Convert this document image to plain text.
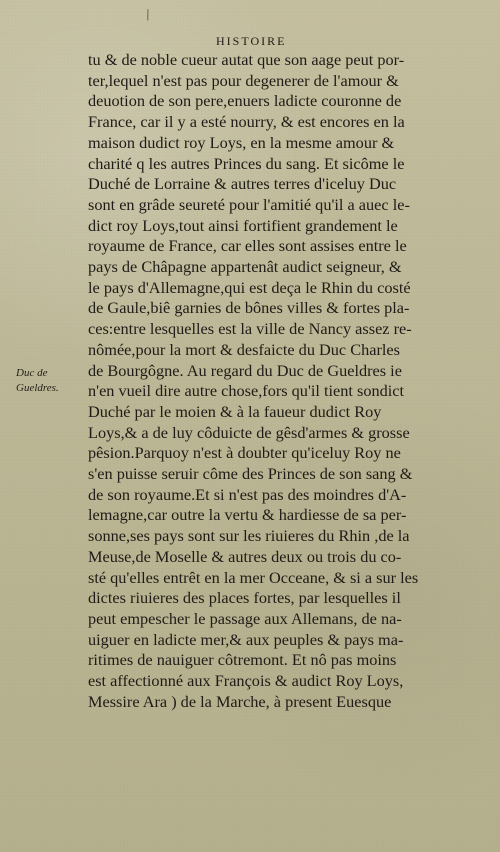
/
HISTOIRE
Duc de
Gueldres.
tu & de noble cueur autat que son aage peut por-
ter,lequel n'est pas pour degenerer de l'amour &
deuotion de son pere,enuers ladicte couronne de
France, car il y a esté nourry, & est encores en la
maison dudict roy Loys, en la mesme amour &
charité q les autres Princes du sang. Et sicôme le
Duché de Lorraine & autres terres d'iceluy Duc
sont en grâde seureté pour l'amitié qu'il a auec le-
dict roy Loys,tout ainsi fortifient grandement le
royaume de France, car elles sont assises entre le
pays de Châpagne appartenât audict seigneur, &
le pays d'Allemagne,qui est deça le Rhin du costé
de Gaule,biê garnies de bônes villes & fortes pla-
ces:entre lesquelles est la ville de Nancy assez re-
nômée,pour la mort & desfaicte du Duc Charles
de Bourgôgne. Au regard du Duc de Gueldres ie
n'en vueil dire autre chose,fors qu'il tient sondict
Duché par le moien & à la faueur dudict Roy
Loys,& a de luy côduicte de gêsd'armes & grosse
pêsion.Parquoy n'est à doubter qu'iceluy Roy ne
s'en puisse seruir côme des Princes de son sang &
de son royaume.Et si n'est pas des moindres d'A-
lemagne,car outre la vertu & hardiesse de sa per-
sonne,ses pays sont sur les riuieres du Rhin ,de la
Meuse,de Moselle & autres deux ou trois du co-
sté qu'elles entrêt en la mer Occeane, & si a sur les
dictes riuieres des places fortes, par lesquelles il
peut empescher le passage aux Allemans, de na-
uiguer en ladicte mer,& aux peuples & pays ma-
ritimes de nauiguer côtremont. Et nô pas moins
est affectionné aux François & audict Roy Loys,
Messire Ara ) de la Marche, à present Euesque
